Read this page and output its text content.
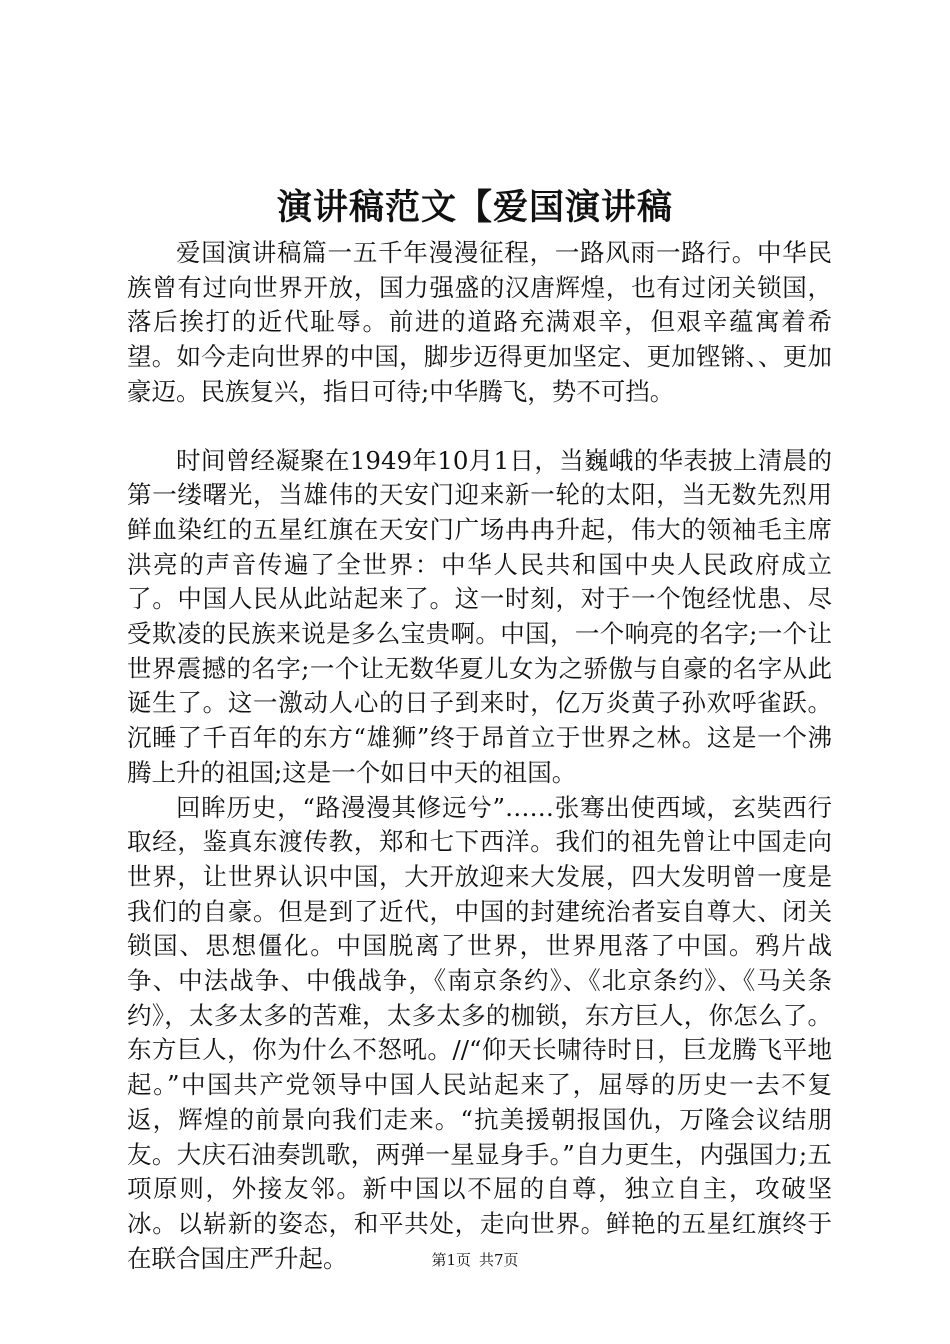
演讲稿范文【爱国演讲稿

爱国演讲稿篇一五千年漫漫征程，一路风雨一路行。中华民族曾有过向世界开放，国力强盛的汉唐辉煌，也有过闭关锁国，落后挨打的近代耻辱。前进的道路充满艰辛，但艰辛蕴寓着希望。如今走向世界的中国，脚步迈得更加坚定、更加铿锵、、更加豪迈。民族复兴，指日可待;中华腾飞，势不可挡。

时间曾经凝聚在1949年10月1日，当巍峨的华表披上清晨的第一缕曙光，当雄伟的天安门迎来新一轮的太阳，当无数先烈用鲜血染红的五星红旗在天安门广场冉冉升起，伟大的领袖毛主席洪亮的声音传遍了全世界：中华人民共和国中央人民政府成立了。中国人民从此站起来了。这一时刻，对于一个饱经忧患、尽受欺凌的民族来说是多么宝贵啊。中国，一个响亮的名字;一个让世界震撼的名字;一个让无数华夏儿女为之骄傲与自豪的名字从此诞生了。这一激动人心的日子到来时，亿万炎黄子孙欢呼雀跃。沉睡了千百年的东方“雄狮”终于昂首立于世界之林。这是一个沸腾上升的祖国;这是一个如日中天的祖国。

回眸历史，“路漫漫其修远兮”……张骞出使西域，玄奘西行取经，鉴真东渡传教，郑和七下西洋。我们的祖先曾让中国走向世界，让世界认识中国，大开放迎来大发展，四大发明曾一度是我们的自豪。但是到了近代，中国的封建统治者妄自尊大、闭关锁国、思想僵化。中国脱离了世界，世界甩落了中国。鸦片战争、中法战争、中俄战争，《南京条约》、《北京条约》、《马关条约》，太多太多的苦难，太多太多的枷锁，东方巨人，你怎么了。东方巨人，你为什么不怒吼。//“仰天长啸待时日，巨龙腾飞平地起。”中国共产党领导中国人民站起来了，屈辱的历史一去不复返，辉煌的前景向我们走来。“抗美援朝报国仇，万隆会议结朋友。大庆石油奏凯歌，两弹一星显身手。”自力更生，内强国力;五项原则，外接友邻。新中国以不屈的自尊，独立自主，攻破坚冰。以崭新的姿态，和平共处，走向世界。鲜艳的五星红旗终于在联合国庄严升起。	第1页 共7页
